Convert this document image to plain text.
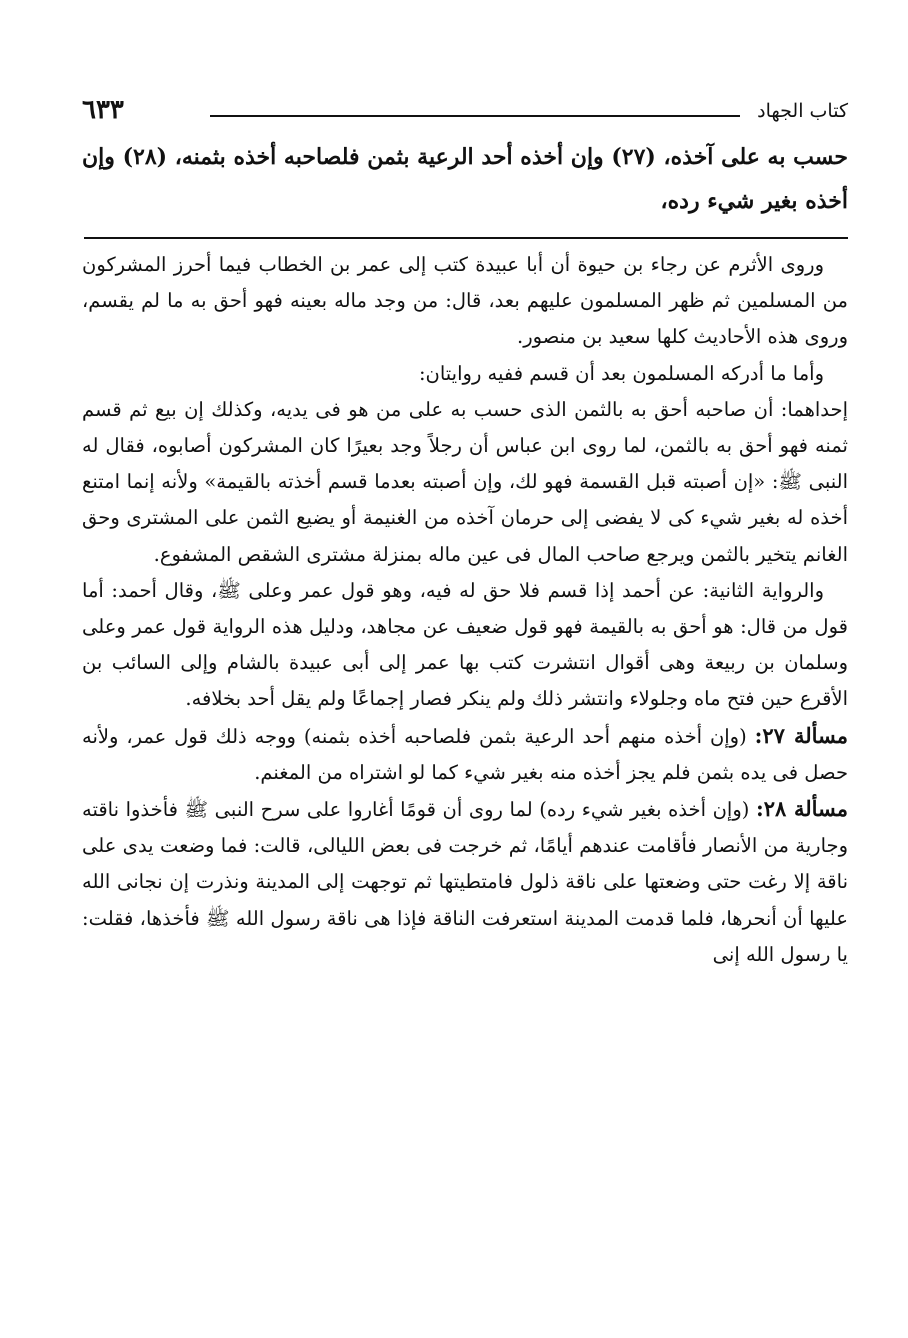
كتاب الجهاد
٦٣٣

حسب به على آخذه، (٢٧) وإن أخذه أحد الرعية بثمن فلصاحبه أخذه بثمنه، (٢٨) وإن أخذه بغير شيء رده،

وروى الأثرم عن رجاء بن حيوة أن أبا عبيدة كتب إلى عمر بن الخطاب فيما أحرز المشركون من المسلمين ثم ظهر المسلمون عليهم بعد، قال: من وجد ماله بعينه فهو أحق به ما لم يقسم، وروى هذه الأحاديث كلها سعيد بن منصور.

وأما ما أدركه المسلمون بعد أن قسم ففيه روايتان:

إحداهما: أن صاحبه أحق به بالثمن الذى حسب به على من هو فى يديه، وكذلك إن بيع ثم قسم ثمنه فهو أحق به بالثمن، لما روى ابن عباس أن رجلاً وجد بعيرًا كان المشركون أصابوه، فقال له النبى ﷺ: «إن أصبته قبل القسمة فهو لك، وإن أصبته بعدما قسم أخذته بالقيمة» ولأنه إنما امتنع أخذه له بغير شيء كى لا يفضى إلى حرمان آخذه من الغنيمة أو يضيع الثمن على المشترى وحق الغانم يتخير بالثمن ويرجع صاحب المال فى عين ماله بمنزلة مشترى الشقص المشفوع.

والرواية الثانية: عن أحمد إذا قسم فلا حق له فيه، وهو قول عمر وعلى ﷺ، وقال أحمد: أما قول من قال: هو أحق به بالقيمة فهو قول ضعيف عن مجاهد، ودليل هذه الرواية قول عمر وعلى وسلمان بن ربيعة وهى أقوال انتشرت كتب بها عمر إلى أبى عبيدة بالشام وإلى السائب بن الأقرع حين فتح ماه وجلولاء وانتشر ذلك ولم ينكر فصار إجماعًا ولم يقل أحد بخلافه.

مسألة ٢٧: (وإن أخذه منهم أحد الرعية بثمن فلصاحبه أخذه بثمنه) ووجه ذلك قول عمر، ولأنه حصل فى يده بثمن فلم يجز أخذه منه بغير شيء كما لو اشتراه من المغنم.

مسألة ٢٨: (وإن أخذه بغير شيء رده) لما روى أن قومًا أغاروا على سرح النبى ﷺ فأخذوا ناقته وجارية من الأنصار فأقامت عندهم أيامًا، ثم خرجت فى بعض الليالى، قالت: فما وضعت يدى على ناقة إلا رغت حتى وضعتها على ناقة ذلول فامتطيتها ثم توجهت إلى المدينة ونذرت إن نجانى الله عليها أن أنحرها، فلما قدمت المدينة استعرفت الناقة فإذا هى ناقة رسول الله ﷺ فأخذها، فقلت: يا رسول الله إنى
